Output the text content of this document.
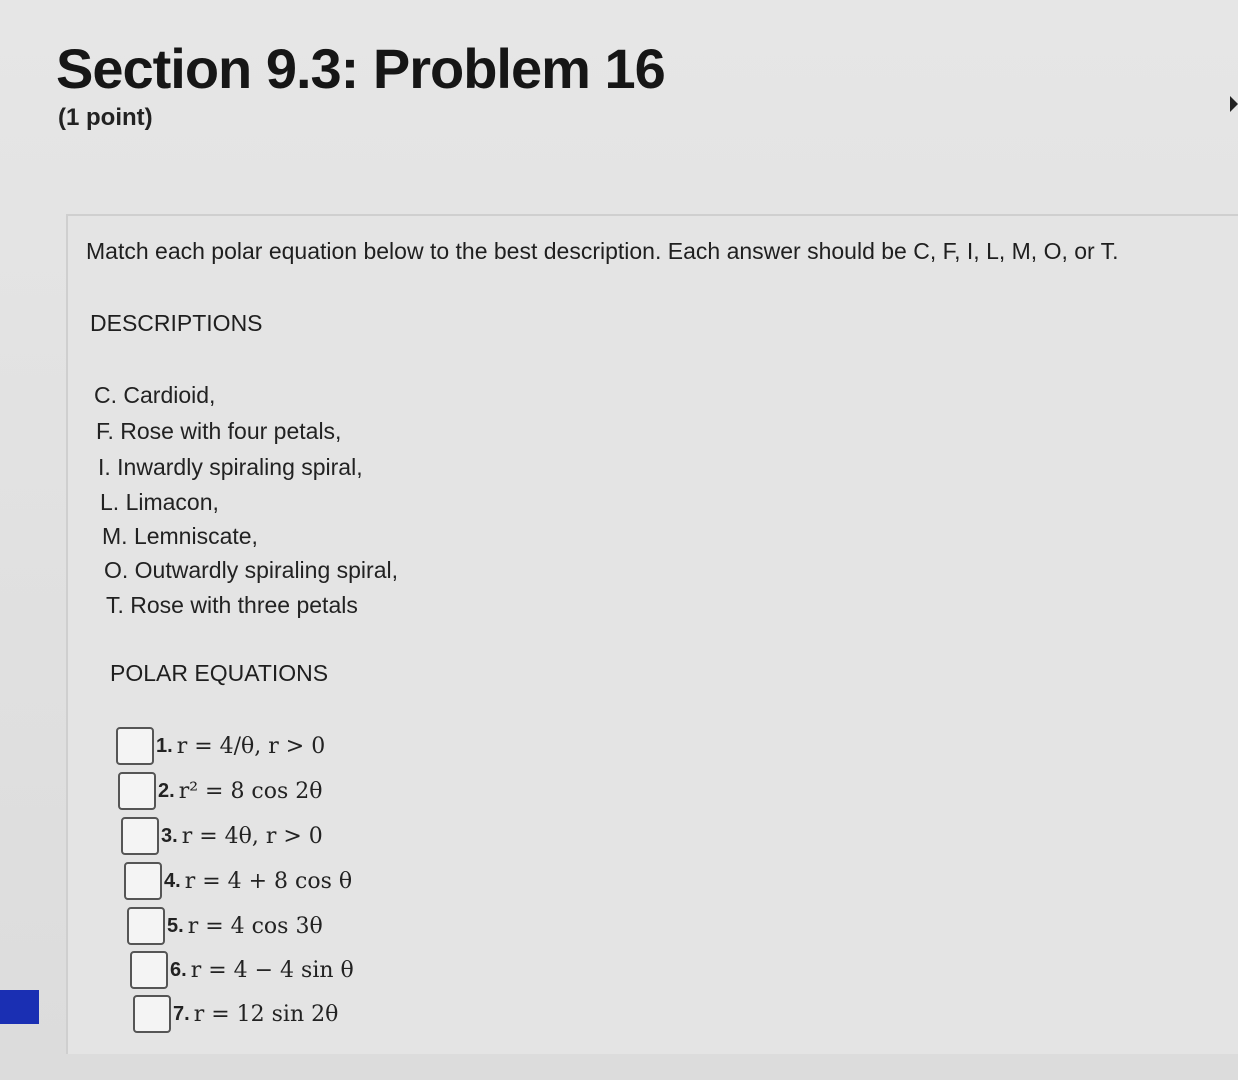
Section 9.3: Problem 16
(1 point)
Match each polar equation below to the best description. Each answer should be C, F, I, L, M, O, or T.
DESCRIPTIONS
C. Cardioid,
F. Rose with four petals,
I. Inwardly spiraling spiral,
L. Limacon,
M. Lemniscate,
O. Outwardly spiraling spiral,
T. Rose with three petals
POLAR EQUATIONS
1. r = 4/θ, r > 0
2. r² = 8 cos 2θ
3. r = 4θ, r > 0
4. r = 4 + 8 cos θ
5. r = 4 cos 3θ
6. r = 4 − 4 sin θ
7. r = 12 sin 2θ
